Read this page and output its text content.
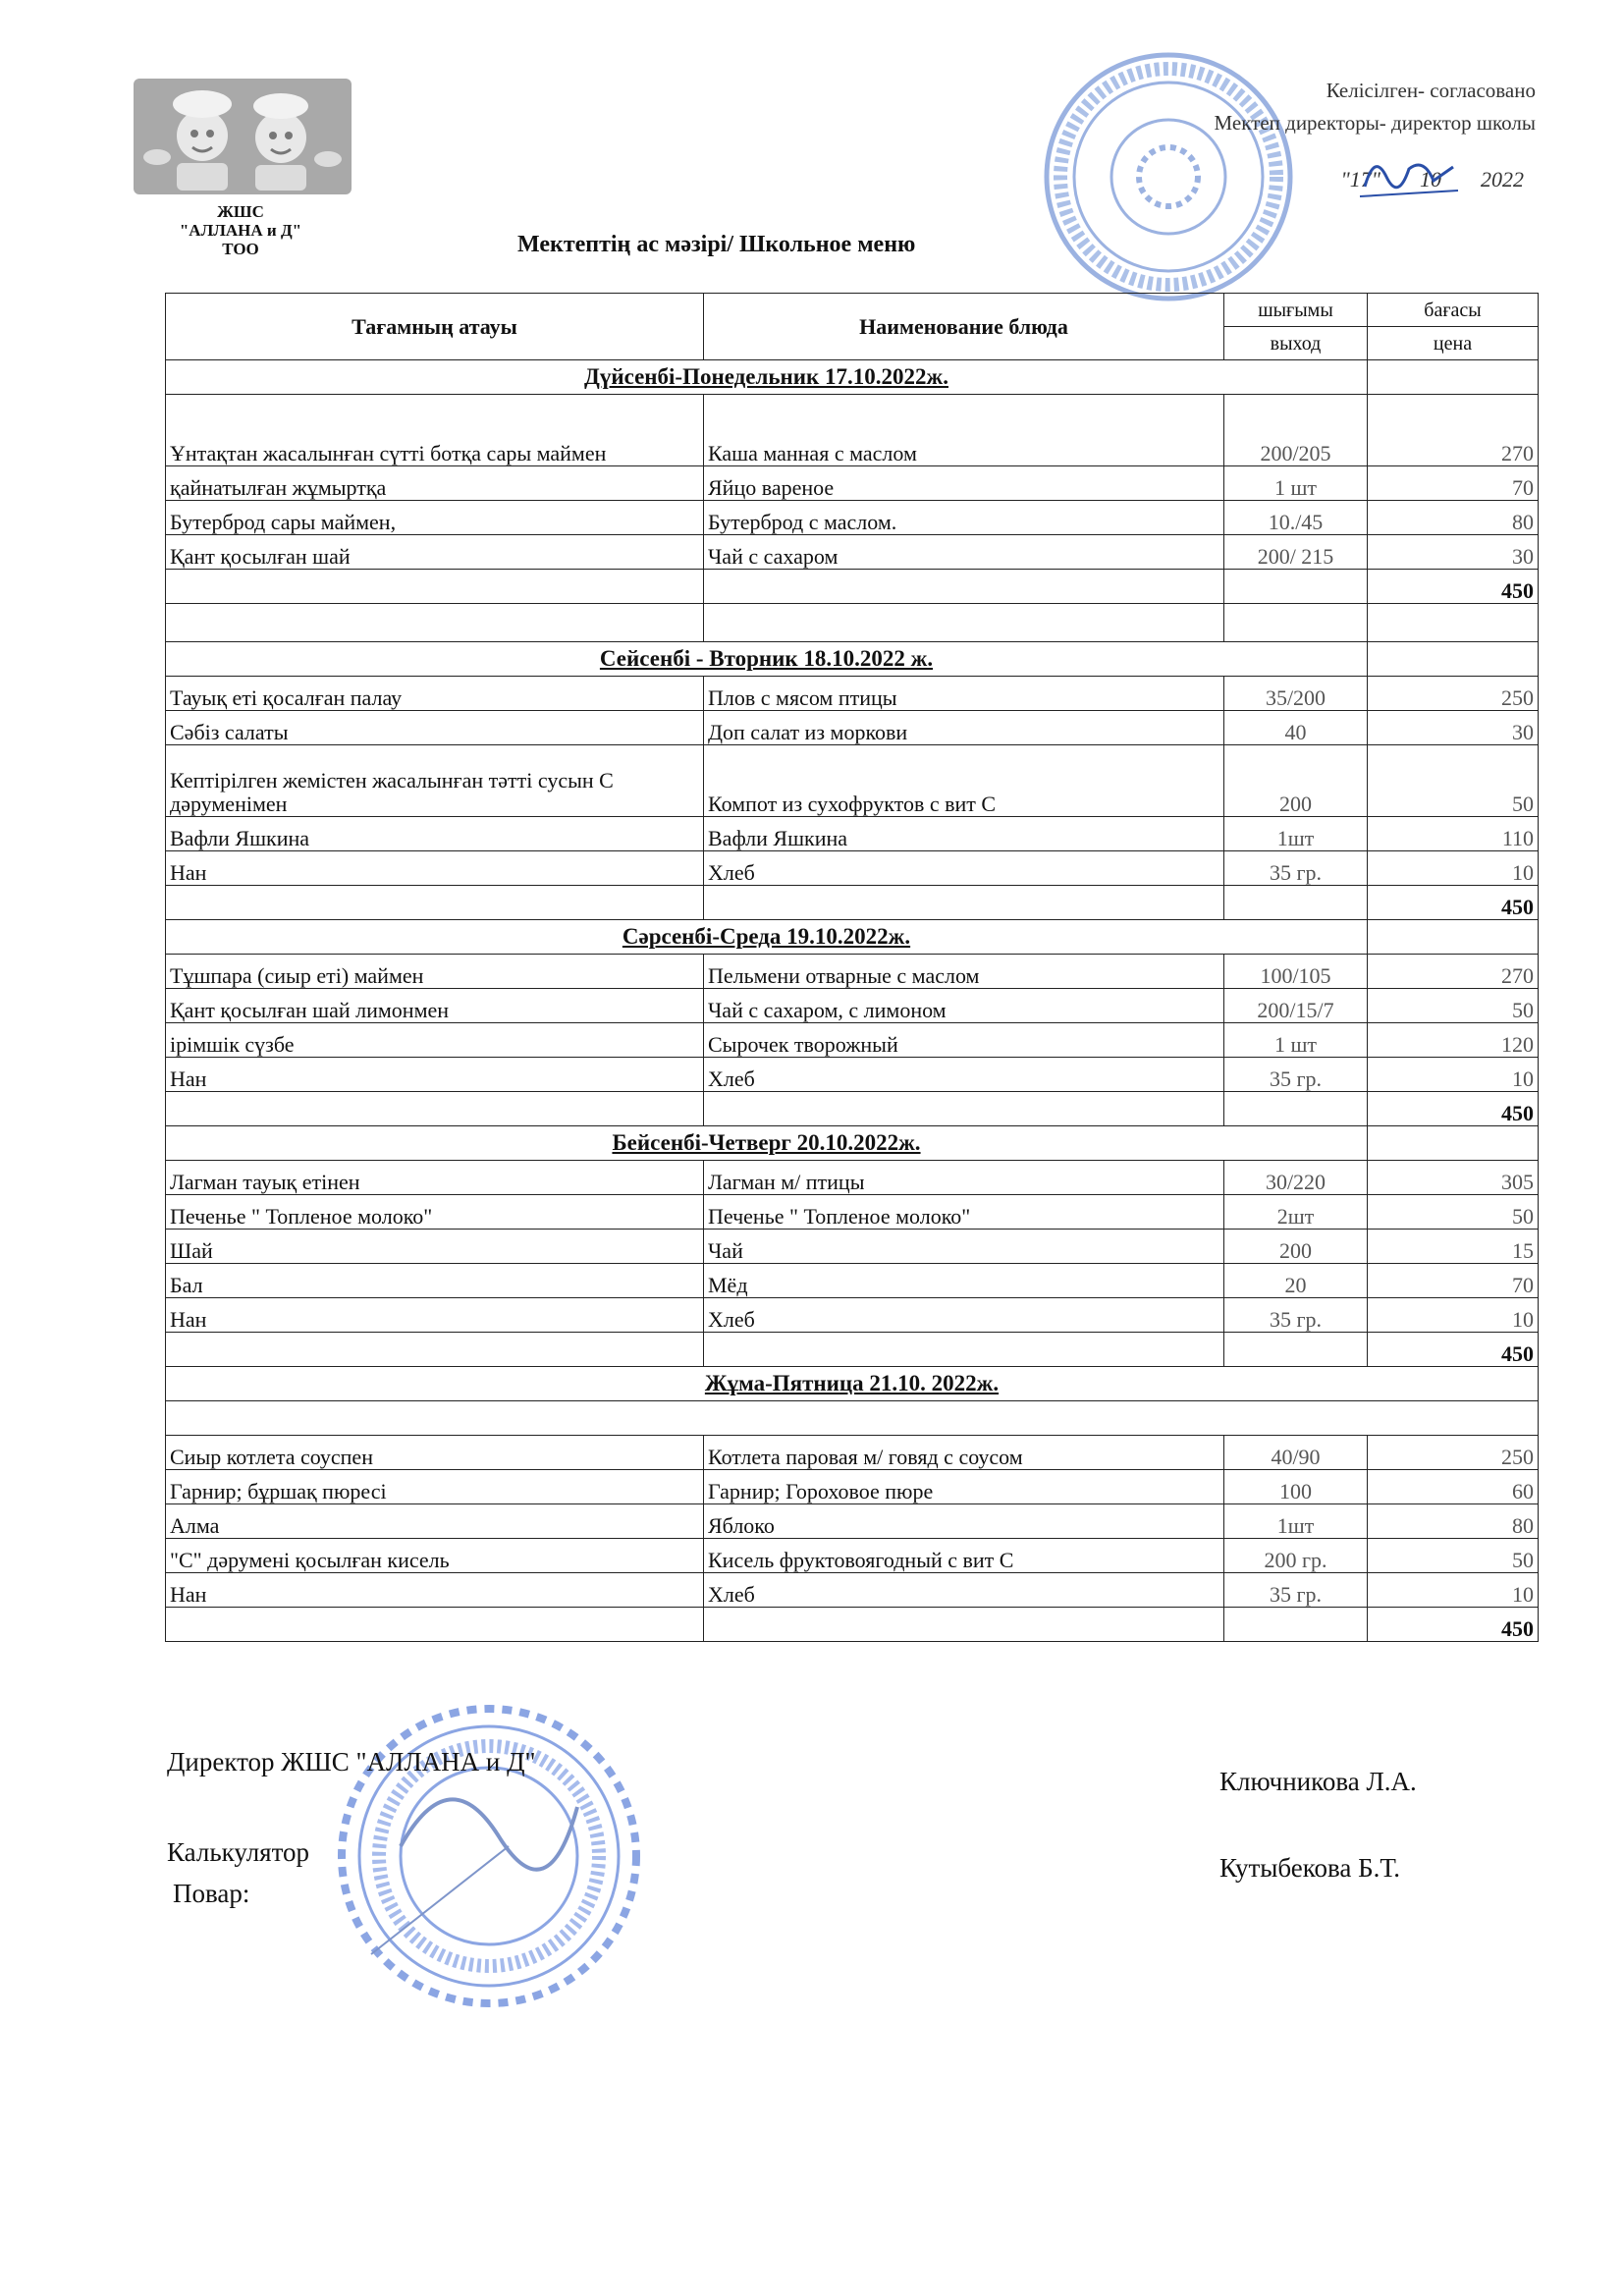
ЖШС
"АЛЛАНА и Д"
ТОО
Келісілген- согласовано
Мектеп директоры- директор школы
"17" 10 2022
Мектептің ас мәзірі/ Школьное меню
Тағамның атауы	Наименование блюда	шығымы	бағасы
		выход	цена
Дүйсенбі-Понедельник 17.10.2022ж.			
Ұнтақтан жасалынған сүтті ботқа сары маймен	Каша манная с маслом	200/205	270
қайнатылған жұмыртқа	Яйцо вареное	1 шт	70
Бутерброд сары маймен,	Бутерброд с маслом.	10./45	80
Қант қосылған шай	Чай с сахаром	200/ 215	30
			450

Сейсенбі - Вторник 18.10.2022 ж.			
Тауық еті қосалған палау	Плов с мясом птицы	35/200	250
Сәбіз салаты	Доп салат из моркови	40	30
Кептірілген жемістен жасалынған тәтті сусын С дәруменімен	Компот из сухофруктов с вит С	200	50
Вафли Яшкина	Вафли Яшкина	1шт	110
Нан	Хлеб	35 гр.	10
			450
Сәрсенбі-Среда 19.10.2022ж.			
Тұшпара (сиыр еті) маймен	Пельмени отварные с маслом	100/105	270
Қант қосылған шай лимонмен	Чай с сахаром, с лимоном	200/15/7	50
ірімшік сүзбе	Сырочек творожный	1 шт	120
Нан	Хлеб	35 гр.	10
			450
Бейсенбі-Четверг 20.10.2022ж.			
Лагман тауық етінен	Лагман м/ птицы	30/220	305
Печенье " Топленое молоко"	Печенье " Топленое молоко"	2шт	50
Шай	Чай	200	15
Бал	Мёд	20	70
Нан	Хлеб	35 гр.	10
			450
Жұма-Пятница 21.10. 2022ж.			

Сиыр котлета соуспен	Котлета паровая м/ говяд с соусом	40/90	250
Гарнир; бұршақ пюресі	Гарнир; Гороховое пюре	100	60
Алма	Яблоко	1шт	80
"С" дәрумені қосылған кисель	Кисель фруктовоягодный с вит С	200 гр.	50
Нан	Хлеб	35 гр.	10
			450
Директор ЖШС "АЛЛАНА и Д"
Ключникова Л.А.
Калькулятор
Кутыбекова Б.Т.
Повар:
